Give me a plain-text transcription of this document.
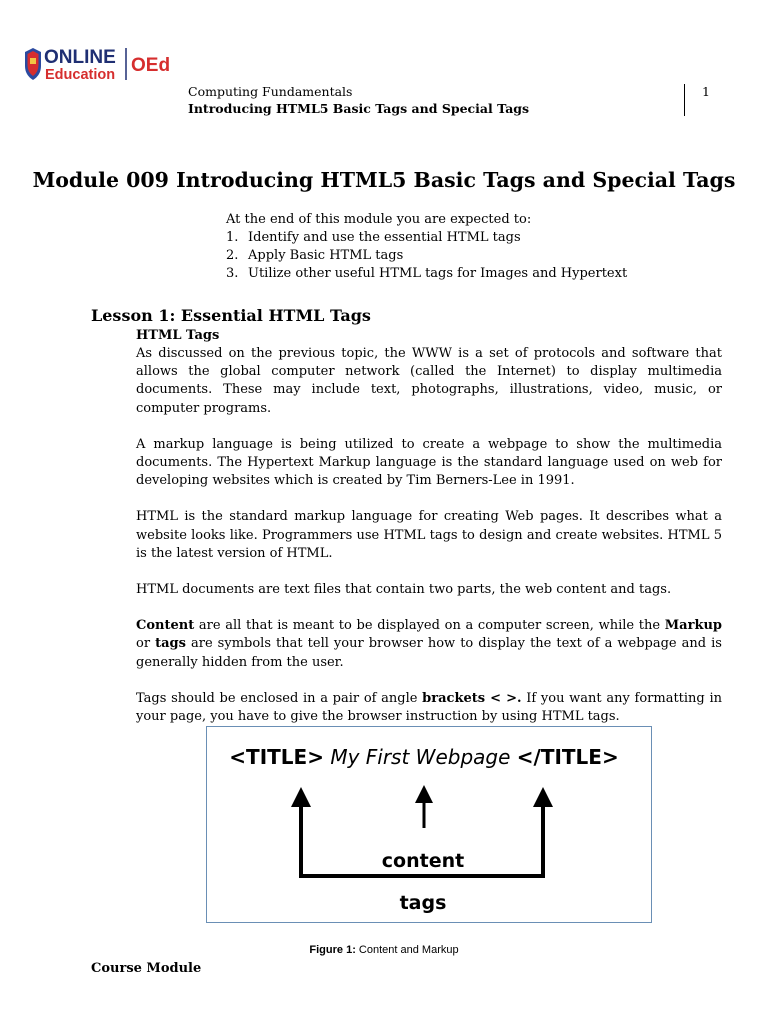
ONLINE
Education OEd
Computing Fundamentals
Introducing HTML5 Basic Tags and Special Tags
1
Module 009 Introducing HTML5 Basic Tags and Special Tags
At the end of this module you are expected to:
1. Identify and use the essential HTML tags
2. Apply Basic HTML tags
3. Utilize other useful HTML tags for Images and Hypertext
Lesson 1: Essential HTML Tags
HTML Tags

As discussed on the previous topic, the WWW is a set of protocols and software that allows the global computer network (called the Internet) to display multimedia documents. These may include text, photographs, illustrations, video, music, or computer programs.

A markup language is being utilized to create a webpage to show the multimedia documents. The Hypertext Markup language is the standard language used on web for developing websites which is created by Tim Berners-Lee in 1991.

HTML is the standard markup language for creating Web pages. It describes what a website looks like. Programmers use HTML tags to design and create websites. HTML 5 is the latest version of HTML.

HTML documents are text files that contain two parts, the web content and tags.

Content are all that is meant to be displayed on a computer screen, while the Markup or tags are symbols that tell your browser how to display the text of a webpage and is generally hidden from the user.

Tags should be enclosed in a pair of angle brackets < >. If you want any formatting in your page, you have to give the browser instruction by using HTML tags.

<TITLE> My First Webpage </TITLE>
content
tags
Figure 1: Content and Markup
Course Module
